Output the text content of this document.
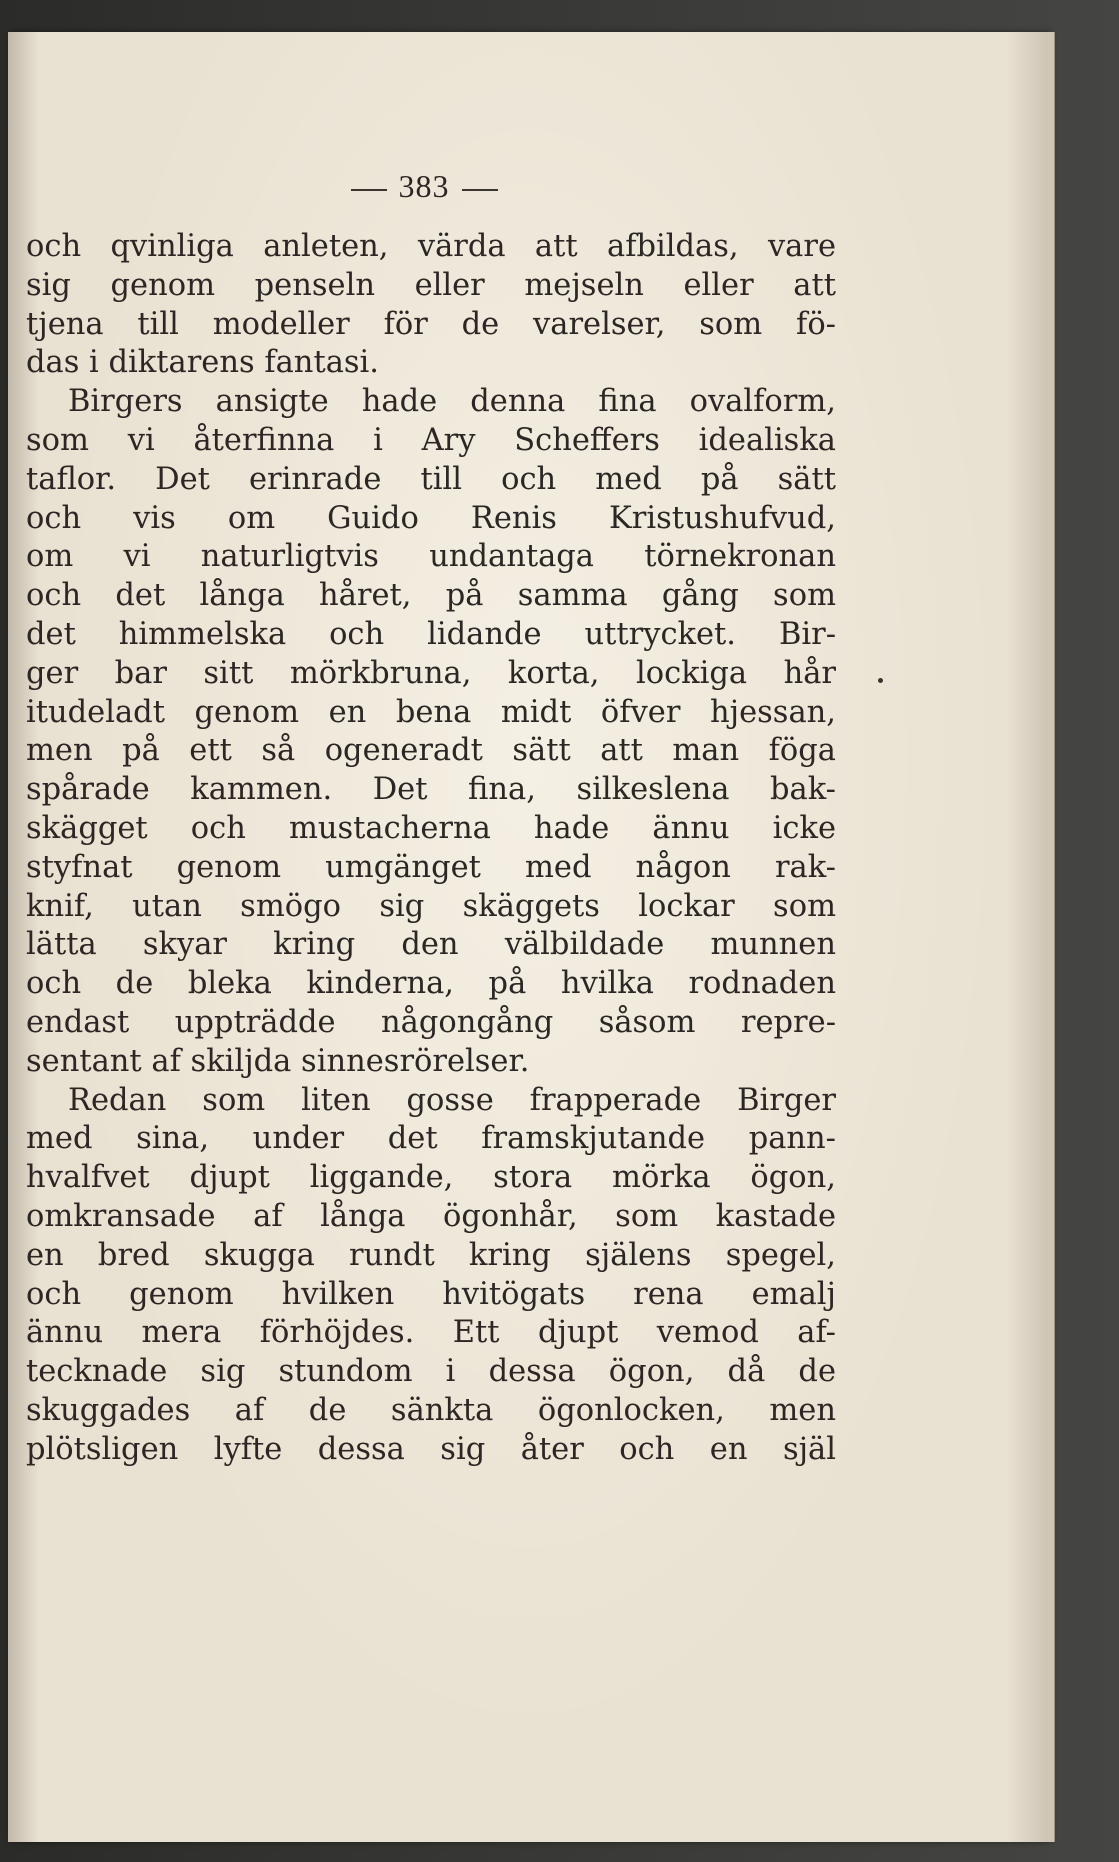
383
och qvinliga anleten, värda att afbildas, vare
sig genom penseln eller mejseln eller att
tjena till modeller för de varelser, som fö-
das i diktarens fantasi.
Birgers ansigte hade denna fina ovalform,
som vi återfinna i Ary Scheffers idealiska
taflor. Det erinrade till och med på sätt
och vis om Guido Renis Kristushufvud,
om vi naturligtvis undantaga törnekronan
och det långa håret, på samma gång som
det himmelska och lidande uttrycket. Bir-
ger bar sitt mörkbruna, korta, lockiga hår
itudeladt genom en bena midt öfver hjessan,
men på ett så ogeneradt sätt att man föga
spårade kammen. Det fina, silkeslena bak-
skägget och mustacherna hade ännu icke
styfnat genom umgänget med någon rak-
knif, utan smögo sig skäggets lockar som
lätta skyar kring den välbildade munnen
och de bleka kinderna, på hvilka rodnaden
endast uppträdde någongång såsom repre-
sentant af skiljda sinnesrörelser.
Redan som liten gosse frapperade Birger
med sina, under det framskjutande pann-
hvalfvet djupt liggande, stora mörka ögon,
omkransade af långa ögonhår, som kastade
en bred skugga rundt kring själens spegel,
och genom hvilken hvitögats rena emalj
ännu mera förhöjdes. Ett djupt vemod af-
tecknade sig stundom i dessa ögon, då de
skuggades af de sänkta ögonlocken, men
plötsligen lyfte dessa sig åter och en själ
